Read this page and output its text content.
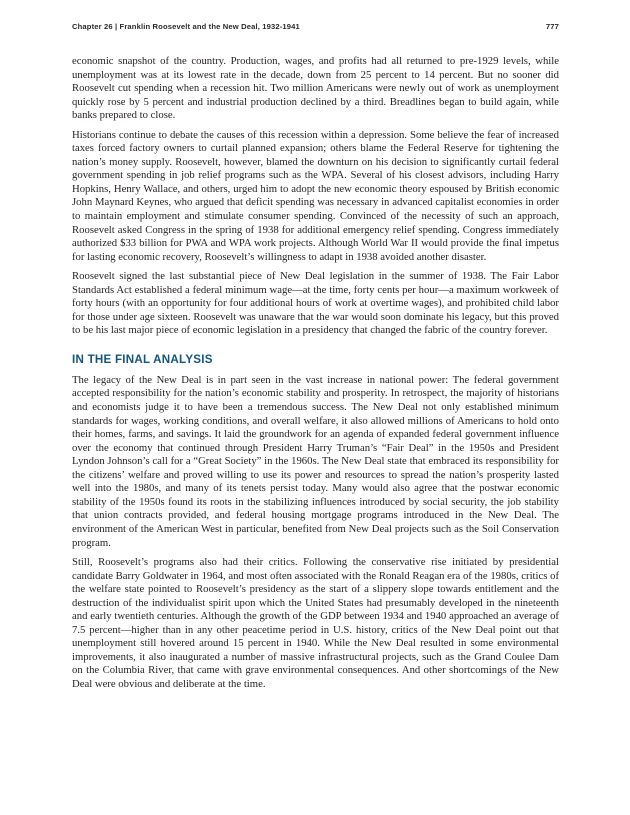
Chapter 26 | Franklin Roosevelt and the New Deal, 1932-1941	777

economic snapshot of the country. Production, wages, and profits had all returned to pre-1929 levels, while unemployment was at its lowest rate in the decade, down from 25 percent to 14 percent. But no sooner did Roosevelt cut spending when a recession hit. Two million Americans were newly out of work as unemployment quickly rose by 5 percent and industrial production declined by a third. Breadlines began to build again, while banks prepared to close.

Historians continue to debate the causes of this recession within a depression. Some believe the fear of increased taxes forced factory owners to curtail planned expansion; others blame the Federal Reserve for tightening the nation’s money supply. Roosevelt, however, blamed the downturn on his decision to significantly curtail federal government spending in job relief programs such as the WPA. Several of his closest advisors, including Harry Hopkins, Henry Wallace, and others, urged him to adopt the new economic theory espoused by British economic John Maynard Keynes, who argued that deficit spending was necessary in advanced capitalist economies in order to maintain employment and stimulate consumer spending. Convinced of the necessity of such an approach, Roosevelt asked Congress in the spring of 1938 for additional emergency relief spending. Congress immediately authorized $33 billion for PWA and WPA work projects. Although World War II would provide the final impetus for lasting economic recovery, Roosevelt’s willingness to adapt in 1938 avoided another disaster.

Roosevelt signed the last substantial piece of New Deal legislation in the summer of 1938. The Fair Labor Standards Act established a federal minimum wage—at the time, forty cents per hour—a maximum workweek of forty hours (with an opportunity for four additional hours of work at overtime wages), and prohibited child labor for those under age sixteen. Roosevelt was unaware that the war would soon dominate his legacy, but this proved to be his last major piece of economic legislation in a presidency that changed the fabric of the country forever.

IN THE FINAL ANALYSIS

The legacy of the New Deal is in part seen in the vast increase in national power: The federal government accepted responsibility for the nation’s economic stability and prosperity. In retrospect, the majority of historians and economists judge it to have been a tremendous success. The New Deal not only established minimum standards for wages, working conditions, and overall welfare, it also allowed millions of Americans to hold onto their homes, farms, and savings. It laid the groundwork for an agenda of expanded federal government influence over the economy that continued through President Harry Truman’s “Fair Deal” in the 1950s and President Lyndon Johnson’s call for a “Great Society” in the 1960s. The New Deal state that embraced its responsibility for the citizens’ welfare and proved willing to use its power and resources to spread the nation’s prosperity lasted well into the 1980s, and many of its tenets persist today. Many would also agree that the postwar economic stability of the 1950s found its roots in the stabilizing influences introduced by social security, the job stability that union contracts provided, and federal housing mortgage programs introduced in the New Deal. The environment of the American West in particular, benefited from New Deal projects such as the Soil Conservation program.

Still, Roosevelt’s programs also had their critics. Following the conservative rise initiated by presidential candidate Barry Goldwater in 1964, and most often associated with the Ronald Reagan era of the 1980s, critics of the welfare state pointed to Roosevelt’s presidency as the start of a slippery slope towards entitlement and the destruction of the individualist spirit upon which the United States had presumably developed in the nineteenth and early twentieth centuries. Although the growth of the GDP between 1934 and 1940 approached an average of 7.5 percent—higher than in any other peacetime period in U.S. history, critics of the New Deal point out that unemployment still hovered around 15 percent in 1940. While the New Deal resulted in some environmental improvements, it also inaugurated a number of massive infrastructural projects, such as the Grand Coulee Dam on the Columbia River, that came with grave environmental consequences. And other shortcomings of the New Deal were obvious and deliberate at the time.
